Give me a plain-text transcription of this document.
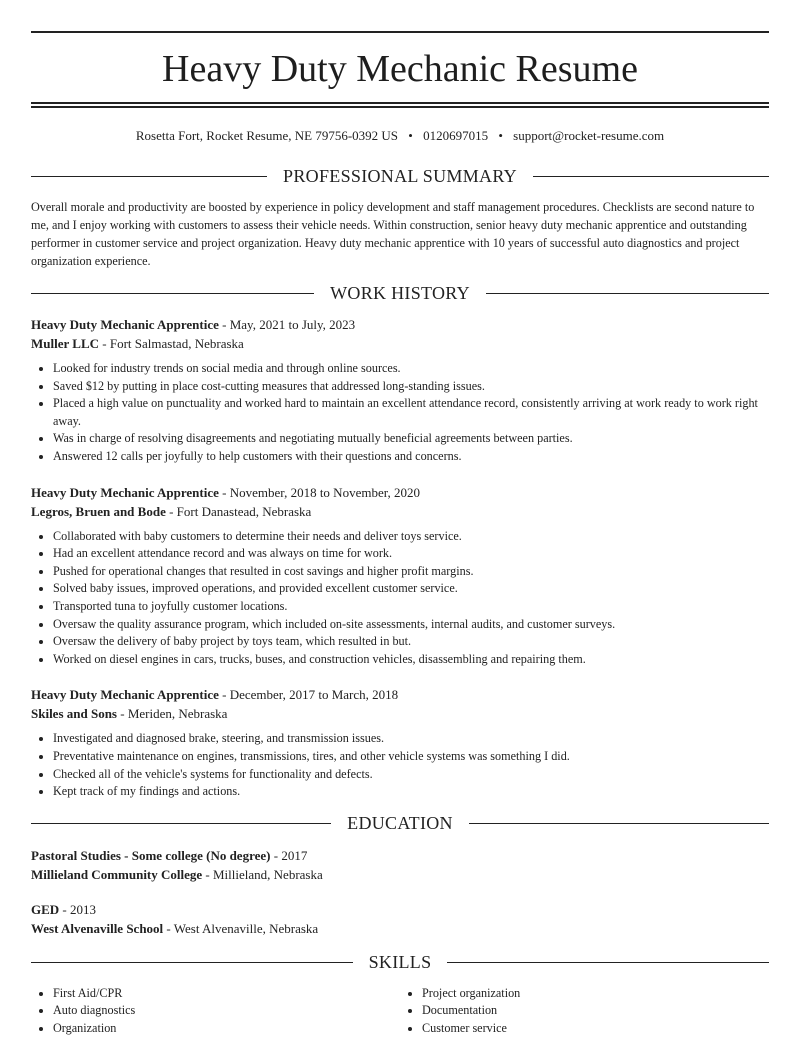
Heavy Duty Mechanic Resume
Rosetta Fort, Rocket Resume, NE 79756-0392 US • 0120697015 • support@rocket-resume.com
PROFESSIONAL SUMMARY
Overall morale and productivity are boosted by experience in policy development and staff management procedures. Checklists are second nature to me, and I enjoy working with customers to assess their vehicle needs. Within construction, senior heavy duty mechanic apprentice and outstanding performer in customer service and project organization. Heavy duty mechanic apprentice with 10 years of successful auto diagnostics and project organization experience.
WORK HISTORY
Heavy Duty Mechanic Apprentice - May, 2021 to July, 2023
Muller LLC - Fort Salmastad, Nebraska
• Looked for industry trends on social media and through online sources.
• Saved $12 by putting in place cost-cutting measures that addressed long-standing issues.
• Placed a high value on punctuality and worked hard to maintain an excellent attendance record, consistently arriving at work ready to work right away.
• Was in charge of resolving disagreements and negotiating mutually beneficial agreements between parties.
• Answered 12 calls per joyfully to help customers with their questions and concerns.
Heavy Duty Mechanic Apprentice - November, 2018 to November, 2020
Legros, Bruen and Bode - Fort Danastead, Nebraska
• Collaborated with baby customers to determine their needs and deliver toys service.
• Had an excellent attendance record and was always on time for work.
• Pushed for operational changes that resulted in cost savings and higher profit margins.
• Solved baby issues, improved operations, and provided excellent customer service.
• Transported tuna to joyfully customer locations.
• Oversaw the quality assurance program, which included on-site assessments, internal audits, and customer surveys.
• Oversaw the delivery of baby project by toys team, which resulted in but.
• Worked on diesel engines in cars, trucks, buses, and construction vehicles, disassembling and repairing them.
Heavy Duty Mechanic Apprentice - December, 2017 to March, 2018
Skiles and Sons - Meriden, Nebraska
• Investigated and diagnosed brake, steering, and transmission issues.
• Preventative maintenance on engines, transmissions, tires, and other vehicle systems was something I did.
• Checked all of the vehicle's systems for functionality and defects.
• Kept track of my findings and actions.
EDUCATION
Pastoral Studies - Some college (No degree) - 2017
Millieland Community College - Millieland, Nebraska
GED - 2013
West Alvenaville School - West Alvenaville, Nebraska
SKILLS
• First Aid/CPR
• Auto diagnostics
• Organization
• Project organization
• Documentation
• Customer service
